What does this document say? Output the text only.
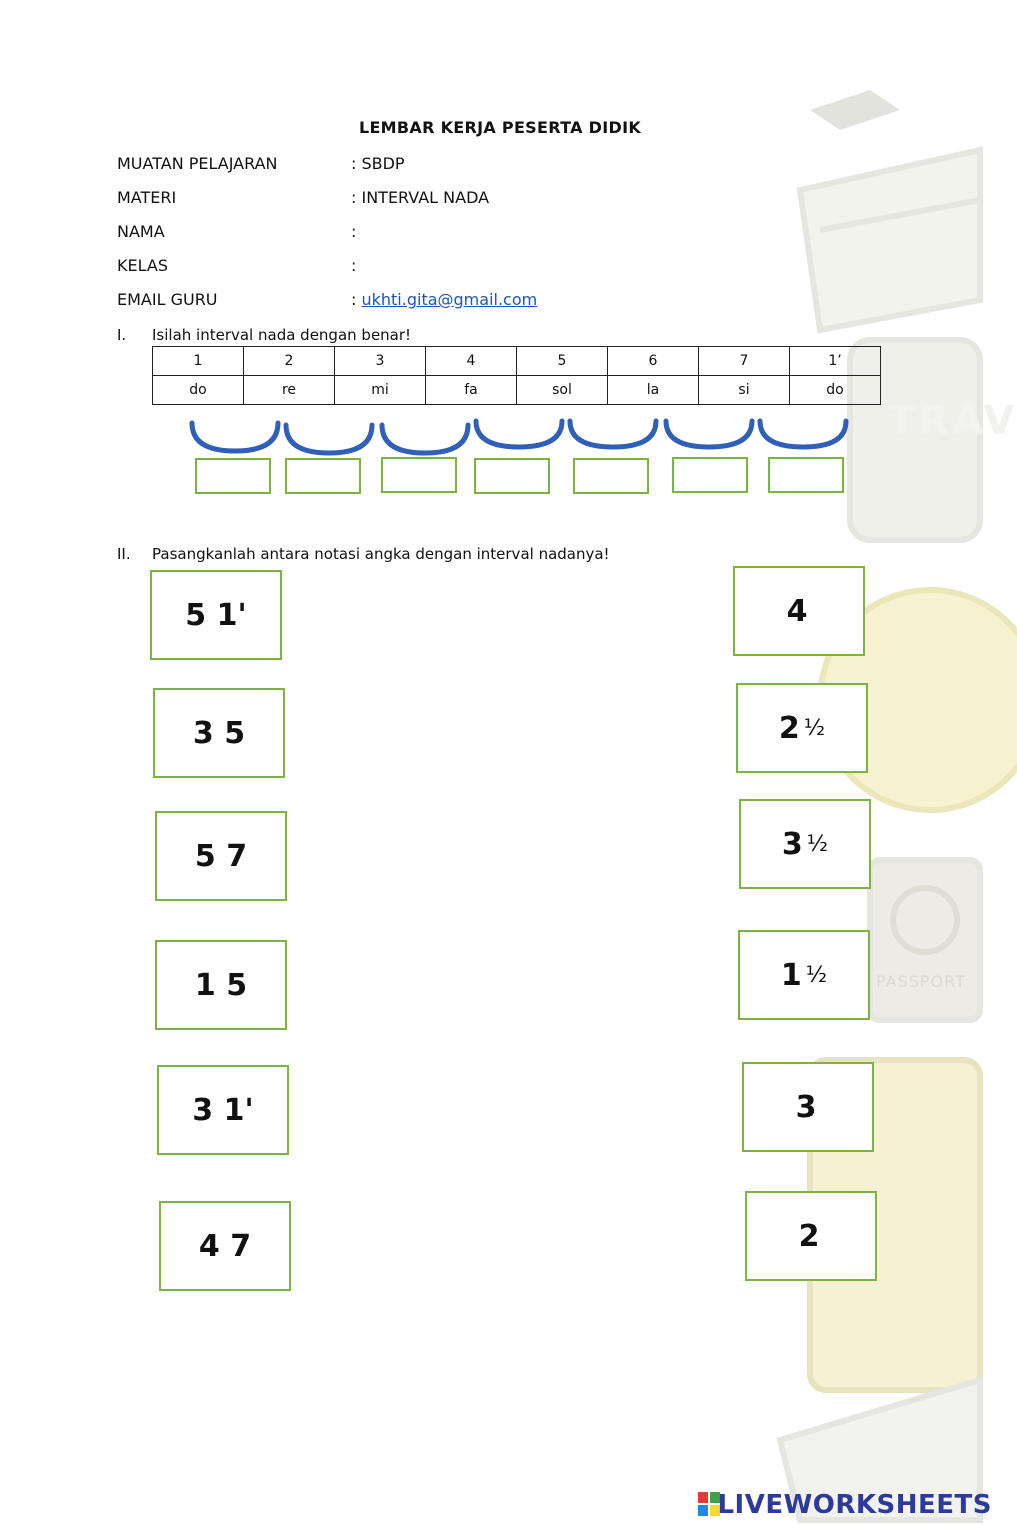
TRAV
PASSPORT
LEMBAR KERJA PESERTA DIDIK
MUATAN PELAJARAN	: SBDP
MATERI	: INTERVAL NADA
NAMA	:
KELAS	:
EMAIL GURU	: ukhti.gita@gmail.com
I. Isilah interval nada dengan benar!
1	2	3	4	5	6	7	1’
do	re	mi	fa	sol	la	si	do
II. Pasangkanlah antara notasi angka dengan interval nadanya!
5 1'
3 5
5 7
1 5
3 1'
4 7
4
2 ½
3 ½
1 ½
3
2
LIVEWORKSHEETS
